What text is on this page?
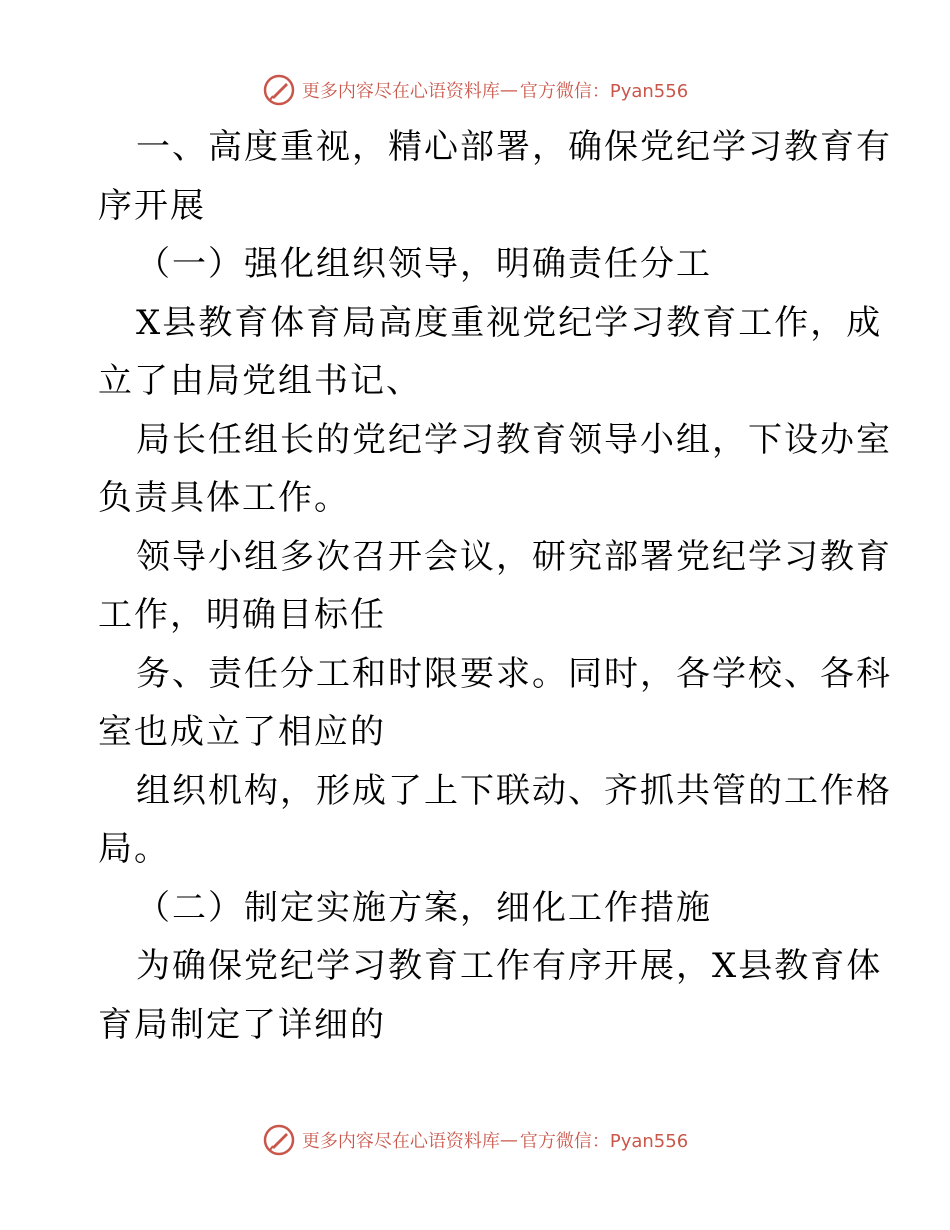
更多内容尽在心语资料库 — 官方微信：Pyan556
一、高度重视，精心部署，确保党纪学习教育有
序开展
（一）强化组织领导，明确责任分工
X县教育体育局高度重视党纪学习教育工作，成
立了由局党组书记、
局长任组长的党纪学习教育领导小组，下设办室
负责具体工作。
领导小组多次召开会议，研究部署党纪学习教育
工作，明确目标任
务、责任分工和时限要求。同时，各学校、各科
室也成立了相应的
组织机构，形成了上下联动、齐抓共管的工作格
局。
（二）制定实施方案，细化工作措施
为确保党纪学习教育工作有序开展，X县教育体
育局制定了详细的
更多内容尽在心语资料库 — 官方微信：Pyan556
